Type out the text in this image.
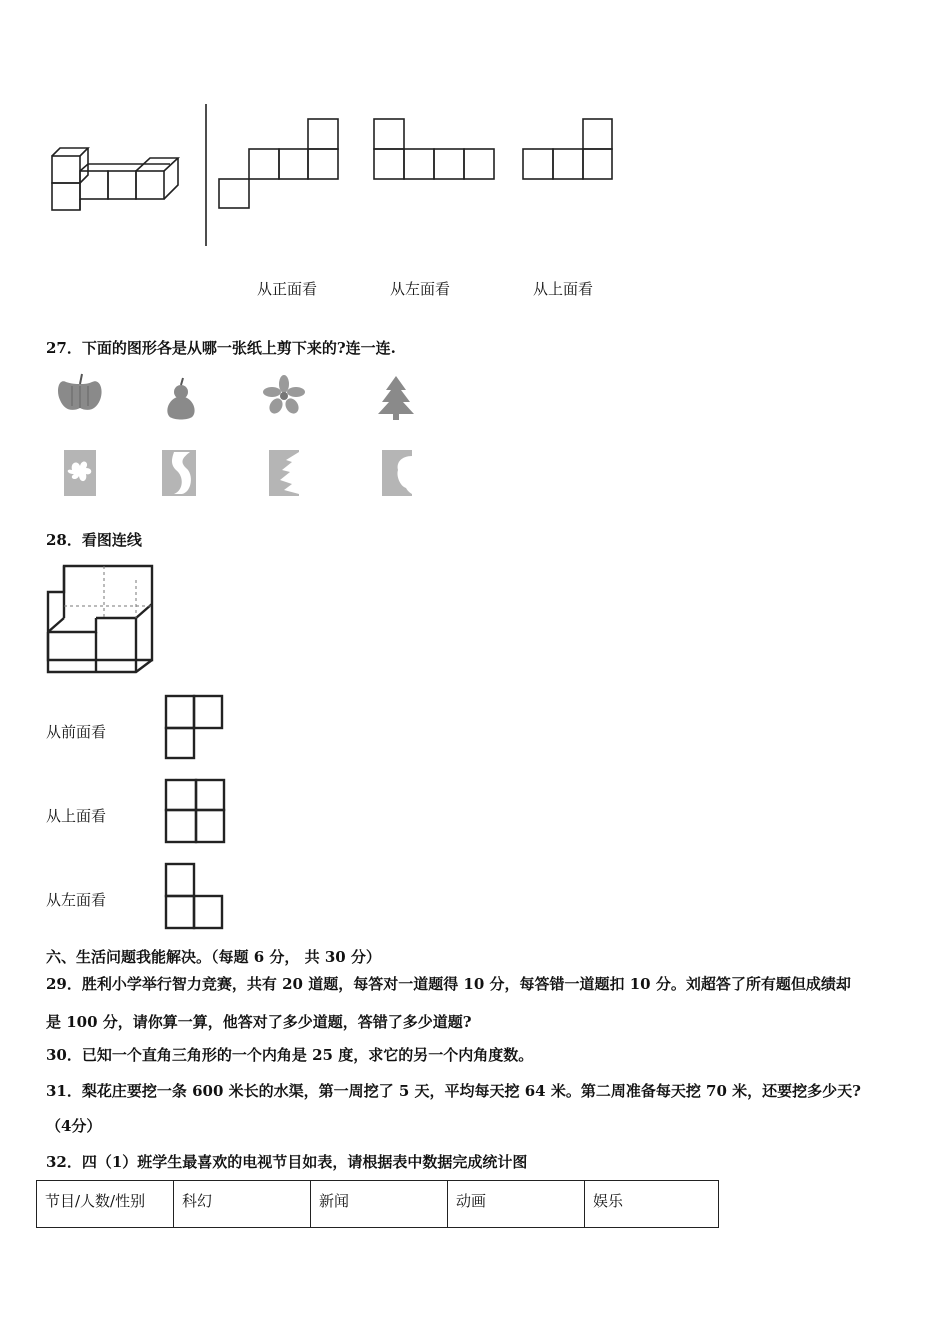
从正面看	从左面看	从上面看
27．下面的图形各是从哪一张纸上剪下来的?连一连.
28．看图连线
从前面看
从上面看
从左面看
六、生活问题我能解决。（每题 6 分， 共 30 分）
29．胜利小学举行智力竞赛，共有 20 道题，每答对一道题得 10 分，每答错一道题扣 10 分。刘超答了所有题但成绩却
是 100 分，请你算一算，他答对了多少道题，答错了多少道题?
30．已知一个直角三角形的一个内角是 25 度，求它的另一个内角度数。
31．梨花庄要挖一条 600 米长的水渠，第一周挖了 5 天，平均每天挖 64 米。第二周准备每天挖 70 米，还要挖多少天?
（4分）
32．四（1）班学生最喜欢的电视节目如表，请根据表中数据完成统计图
节目/人数/性别	科幻	新闻	动画	娱乐
